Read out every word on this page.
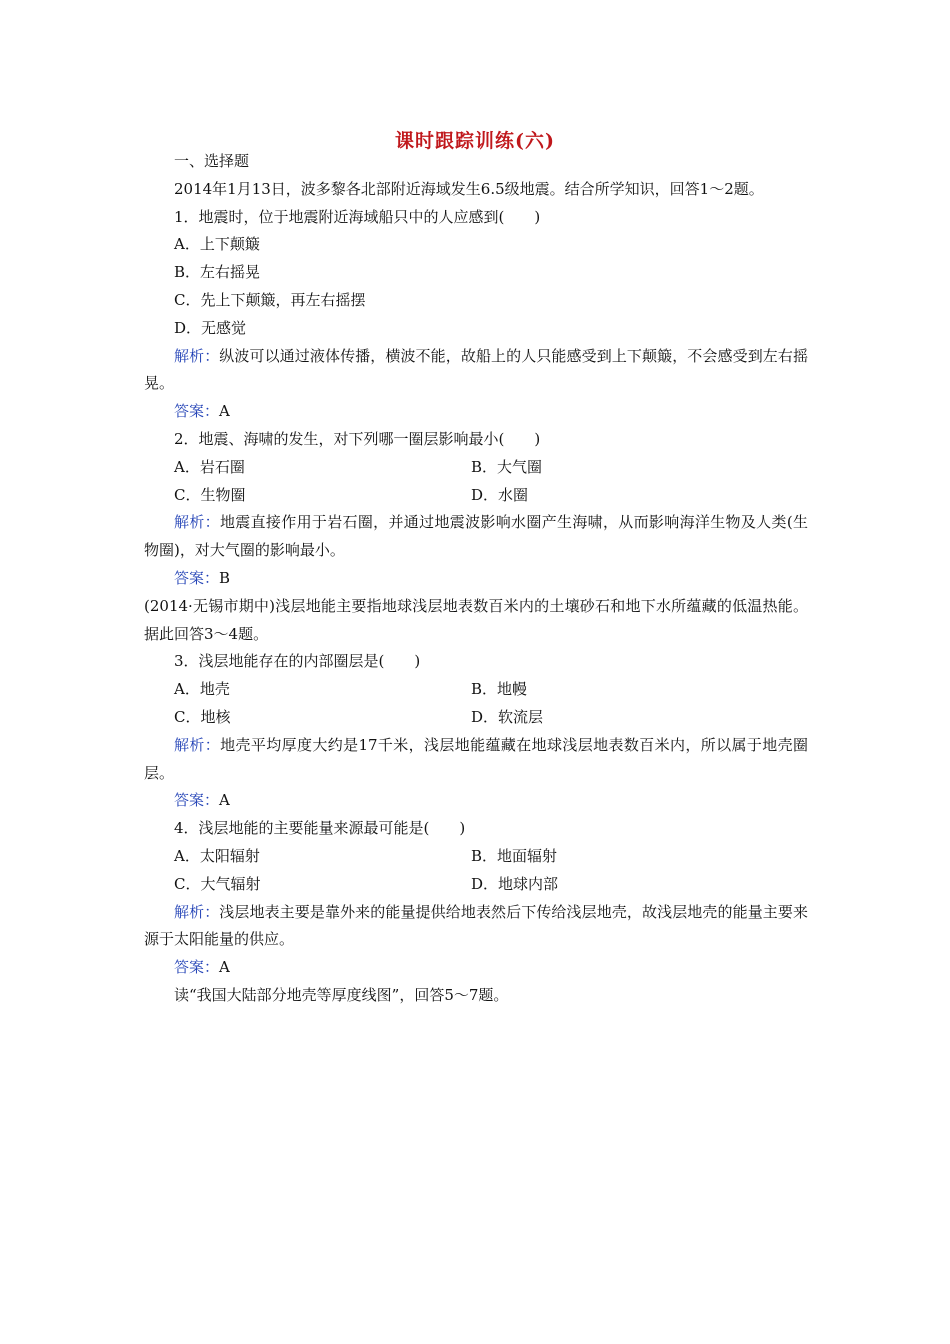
课时跟踪训练(六)

一、选择题

2014年1月13日，波多黎各北部附近海域发生6.5级地震。结合所学知识，回答1～2题。

1．地震时，位于地震附近海域船只中的人应感到(　　)

A．上下颠簸

B．左右摇晃

C．先上下颠簸，再左右摇摆

D．无感觉

解析：纵波可以通过液体传播，横波不能，故船上的人只能感受到上下颠簸，不会感受到左右摇晃。

答案：A

2．地震、海啸的发生，对下列哪一圈层影响最小(　　)

A．岩石圈	B．大气圈
C．生物圈	D．水圈

解析：地震直接作用于岩石圈，并通过地震波影响水圈产生海啸，从而影响海洋生物及人类(生物圈)，对大气圈的影响最小。

答案：B

(2014·无锡市期中)浅层地能主要指地球浅层地表数百米内的土壤砂石和地下水所蕴藏的低温热能。据此回答3～4题。

3．浅层地能存在的内部圈层是(　　)

A．地壳	B．地幔
C．地核	D．软流层

解析：地壳平均厚度大约是17千米，浅层地能蕴藏在地球浅层地表数百米内，所以属于地壳圈层。

答案：A

4．浅层地能的主要能量来源最可能是(　　)

A．太阳辐射	B．地面辐射
C．大气辐射	D．地球内部

解析：浅层地表主要是靠外来的能量提供给地表然后下传给浅层地壳，故浅层地壳的能量主要来源于太阳能量的供应。

答案：A

读“我国大陆部分地壳等厚度线图”，回答5～7题。
